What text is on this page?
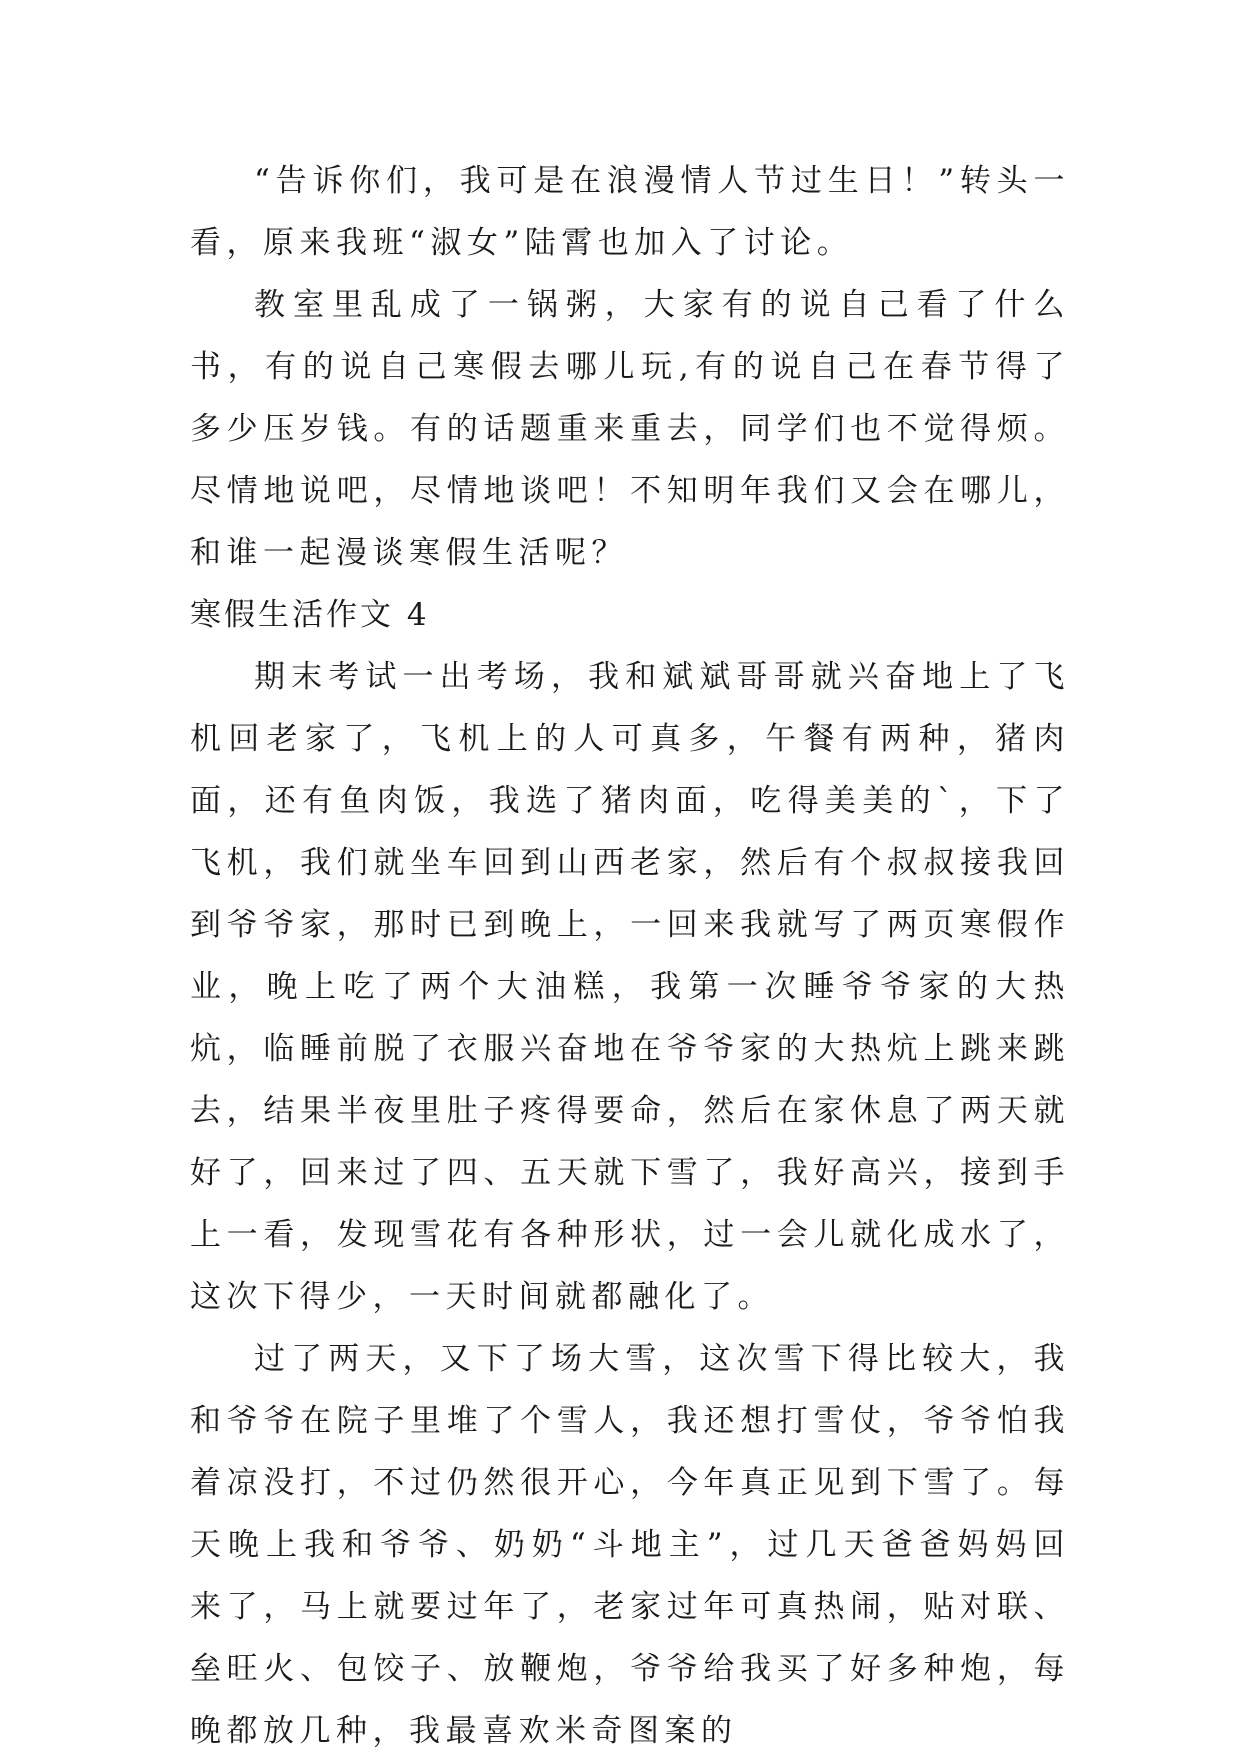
“告诉你们，我可是在浪漫情人节过生日！”转头一看，原来我班“淑女”陆霄也加入了讨论。

教室里乱成了一锅粥，大家有的说自己看了什么书，有的说自己寒假去哪儿玩,有的说自己在春节得了多少压岁钱。有的话题重来重去，同学们也不觉得烦。尽情地说吧，尽情地谈吧！不知明年我们又会在哪儿，和谁一起漫谈寒假生活呢？

寒假生活作文 4

期末考试一出考场，我和斌斌哥哥就兴奋地上了飞机回老家了，飞机上的人可真多，午餐有两种，猪肉面，还有鱼肉饭，我选了猪肉面，吃得美美的`，下了飞机，我们就坐车回到山西老家，然后有个叔叔接我回到爷爷家，那时已到晚上，一回来我就写了两页寒假作业，晚上吃了两个大油糕，我第一次睡爷爷家的大热炕，临睡前脱了衣服兴奋地在爷爷家的大热炕上跳来跳去，结果半夜里肚子疼得要命，然后在家休息了两天就好了，回来过了四、五天就下雪了，我好高兴，接到手上一看，发现雪花有各种形状，过一会儿就化成水了，这次下得少，一天时间就都融化了。

过了两天，又下了场大雪，这次雪下得比较大，我和爷爷在院子里堆了个雪人，我还想打雪仗，爷爷怕我着凉没打，不过仍然很开心，今年真正见到下雪了。每天晚上我和爷爷、奶奶“斗地主”，过几天爸爸妈妈回来了，马上就要过年了，老家过年可真热闹，贴对联、垒旺火、包饺子、放鞭炮，爷爷给我买了好多种炮，每晚都放几种，我最喜欢米奇图案的
